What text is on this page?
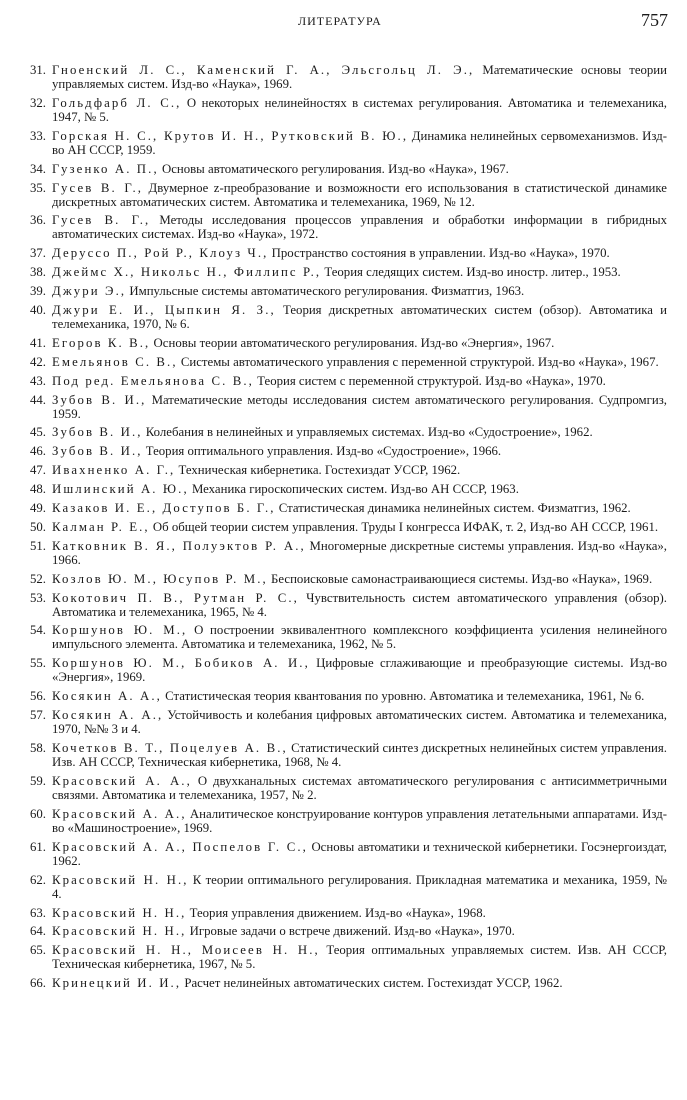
ЛИТЕРАТУРА	757
31. Гноенский Л. С., Каменский Г. А., Эльсгольц Л. Э., Математические основы теории управляемых систем. Изд-во «Наука», 1969.
32. Гольдфарб Л. С., О некоторых нелинейностях в системах регулирования. Автоматика и телемеханика, 1947, № 5.
33. Горская Н. С., Крутов И. Н., Рутковский В. Ю., Динамика нелинейных сервомеханизмов. Изд-во АН СССР, 1959.
34. Гузенко А. П., Основы автоматического регулирования. Изд-во «Наука», 1967.
35. Гусев В. Г., Двумерное z-преобразование и возможности его использования в статистической динамике дискретных автоматических систем. Автоматика и телемеханика, 1969, № 12.
36. Гусев В. Г., Методы исследования процессов управления и обработки информации в гибридных автоматических системах. Изд-во «Наука», 1972.
37. Деруссо П., Рой Р., Клоуз Ч., Пространство состояния в управлении. Изд-во «Наука», 1970.
38. Джеймс Х., Никольс Н., Филлипс Р., Теория следящих систем. Изд-во иностр. литер., 1953.
39. Джури Э., Импульсные системы автоматического регулирования. Физматгиз, 1963.
40. Джури Е. И., Цыпкин Я. З., Теория дискретных автоматических систем (обзор). Автоматика и телемеханика, 1970, № 6.
41. Егоров К. В., Основы теории автоматического регулирования. Изд-во «Энергия», 1967.
42. Емельянов С. В., Системы автоматического управления с переменной структурой. Изд-во «Наука», 1967.
43. Под ред. Емельянова С. В., Теория систем с переменной структурой. Изд-во «Наука», 1970.
44. Зубов В. И., Математические методы исследования систем автоматического регулирования. Судпромгиз, 1959.
45. Зубов В. И., Колебания в нелинейных и управляемых системах. Изд-во «Судостроение», 1962.
46. Зубов В. И., Теория оптимального управления. Изд-во «Судостроение», 1966.
47. Ивахненко А. Г., Техническая кибернетика. Гостехиздат УССР, 1962.
48. Ишлинский А. Ю., Механика гироскопических систем. Изд-во АН СССР, 1963.
49. Казаков И. Е., Доступов Б. Г., Статистическая динамика нелинейных систем. Физматгиз, 1962.
50. Калман Р. Е., Об общей теории систем управления. Труды I конгресса ИФАК, т. 2, Изд-во АН СССР, 1961.
51. Катковник В. Я., Полуэктов Р. А., Многомерные дискретные системы управления. Изд-во «Наука», 1966.
52. Козлов Ю. М., Юсупов Р. М., Беспоисковые самонастраивающиеся системы. Изд-во «Наука», 1969.
53. Кокотович П. В., Рутман Р. С., Чувствительность систем автоматического управления (обзор). Автоматика и телемеханика, 1965, № 4.
54. Коршунов Ю. М., О построении эквивалентного комплексного коэффициента усиления нелинейного импульсного элемента. Автоматика и телемеханика, 1962, № 5.
55. Коршунов Ю. М., Бобиков А. И., Цифровые сглаживающие и преобразующие системы. Изд-во «Энергия», 1969.
56. Косякин А. А., Статистическая теория квантования по уровню. Автоматика и телемеханика, 1961, № 6.
57. Косякин А. А., Устойчивость и колебания цифровых автоматических систем. Автоматика и телемеханика, 1970, №№ 3 и 4.
58. Кочетков В. Т., Поцелуев А. В., Статистический синтез дискретных нелинейных систем управления. Изв. АН СССР, Техническая кибернетика, 1968, № 4.
59. Красовский А. А., О двухканальных системах автоматического регулирования с антисимметричными связями. Автоматика и телемеханика, 1957, № 2.
60. Красовский А. А., Аналитическое конструирование контуров управления летательными аппаратами. Изд-во «Машиностроение», 1969.
61. Красовский А. А., Поспелов Г. С., Основы автоматики и технической кибернетики. Госэнергоиздат, 1962.
62. Красовский Н. Н., К теории оптимального регулирования. Прикладная математика и механика, 1959, № 4.
63. Красовский Н. Н., Теория управления движением. Изд-во «Наука», 1968.
64. Красовский Н. Н., Игровые задачи о встрече движений. Изд-во «Наука», 1970.
65. Красовский Н. Н., Моисеев Н. Н., Теория оптимальных управляемых систем. Изв. АН СССР, Техническая кибернетика, 1967, № 5.
66. Кринецкий И. И., Расчет нелинейных автоматических систем. Гостехиздат УССР, 1962.
